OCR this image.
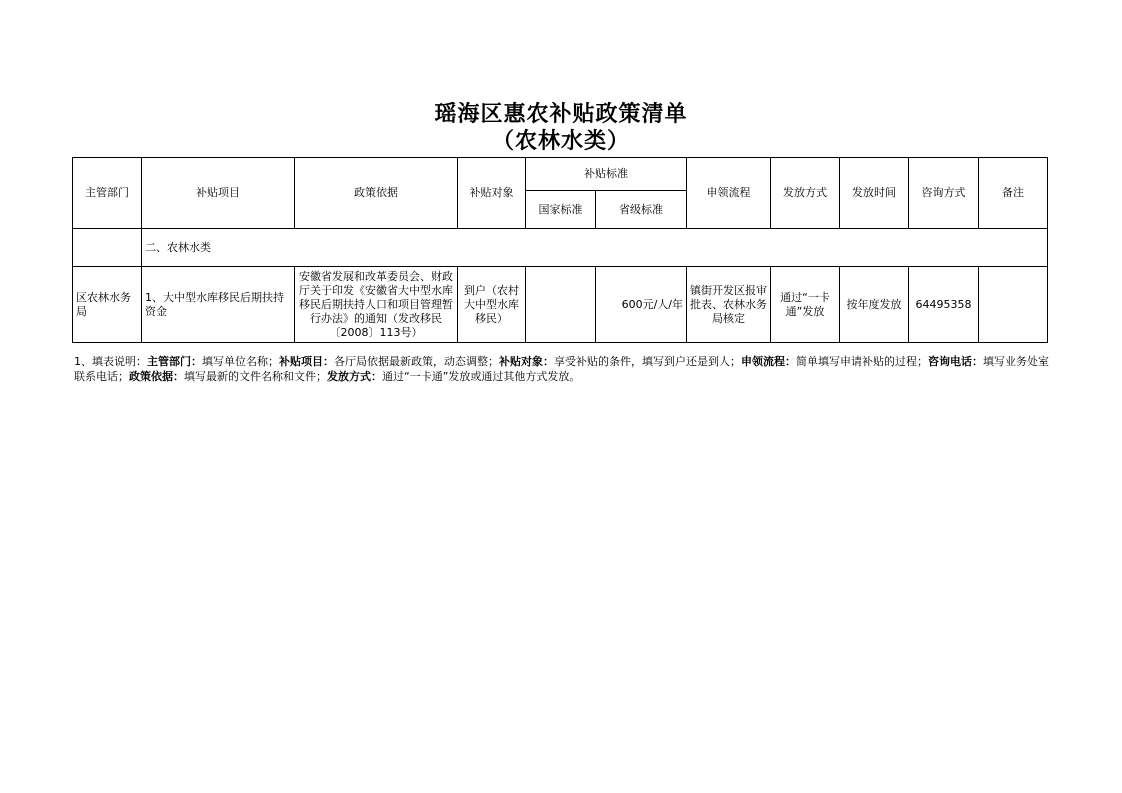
瑶海区惠农补贴政策清单
（农林水类）
主管部门	补贴项目	政策依据	补贴对象	补贴标准		申领流程	发放方式	发放时间	咨询方式	备注
				国家标准	省级标准					
	二、农林水类									
区农林水务局	1、大中型水库移民后期扶持资金	安徽省发展和改革委员会、财政厅关于印发《安徽省大中型水库移民后期扶持人口和项目管理暂行办法》的通知（发改移民〔2008〕113号）	到户（农村大中型水库移民）		600元/人/年	镇街开发区报审批表、农林水务局核定	通过“一卡通”发放	按年度发放	64495358	
1、填表说明：主管部门：填写单位名称；补贴项目：各厅局依据最新政策，动态调整；补贴对象：享受补贴的条件，填写到户还是到人；申领流程：简单填写申请补贴的过程；咨询电话：填写业务处室联系电话；政策依据：填写最新的文件名称和文件；发放方式：通过“一卡通”发放或通过其他方式发放。
